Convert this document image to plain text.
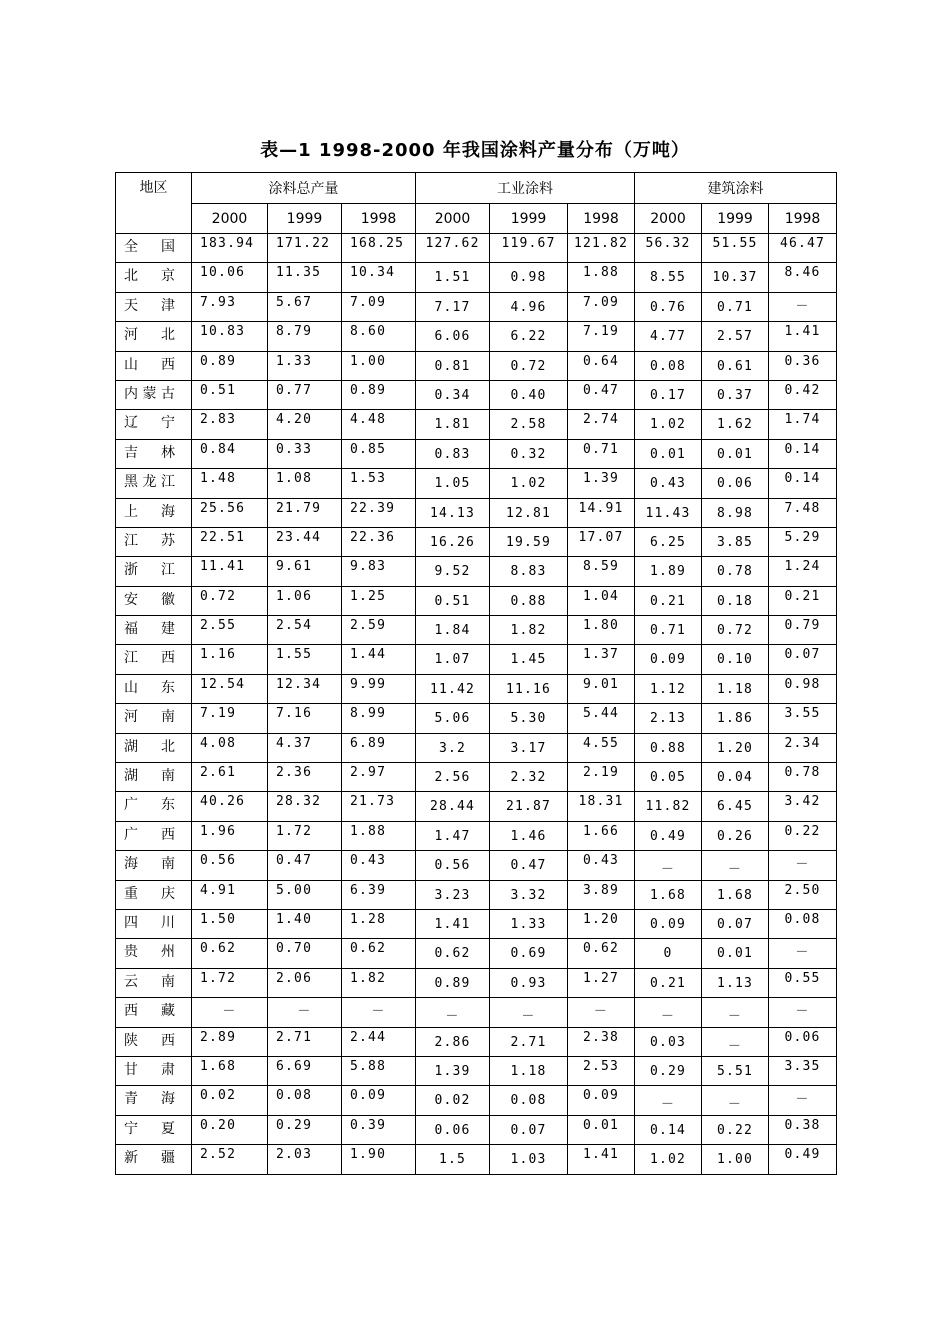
表—1 1998-2000 年我国涂料产量分布（万吨）
地区	涂料总产量			工业涂料			建筑涂料		
	2000	1999	1998	2000	1999	1998	2000	1999	1998
全　国	183.94	171.22	168.25	127.62	119.67	121.82	56.32	51.55	46.47
北　京	10.06	11.35	10.34	1.51	0.98	1.88	8.55	10.37	8.46
天　津	7.93	5.67	7.09	7.17	4.96	7.09	0.76	0.71	－
河　北	10.83	8.79	8.60	6.06	6.22	7.19	4.77	2.57	1.41
山　西	0.89	1.33	1.00	0.81	0.72	0.64	0.08	0.61	0.36
内蒙古	0.51	0.77	0.89	0.34	0.40	0.47	0.17	0.37	0.42
辽　宁	2.83	4.20	4.48	1.81	2.58	2.74	1.02	1.62	1.74
吉　林	0.84	0.33	0.85	0.83	0.32	0.71	0.01	0.01	0.14
黑龙江	1.48	1.08	1.53	1.05	1.02	1.39	0.43	0.06	0.14
上　海	25.56	21.79	22.39	14.13	12.81	14.91	11.43	8.98	7.48
江　苏	22.51	23.44	22.36	16.26	19.59	17.07	6.25	3.85	5.29
浙　江	11.41	9.61	9.83	9.52	8.83	8.59	1.89	0.78	1.24
安　徽	0.72	1.06	1.25	0.51	0.88	1.04	0.21	0.18	0.21
福　建	2.55	2.54	2.59	1.84	1.82	1.80	0.71	0.72	0.79
江　西	1.16	1.55	1.44	1.07	1.45	1.37	0.09	0.10	0.07
山　东	12.54	12.34	9.99	11.42	11.16	9.01	1.12	1.18	0.98
河　南	7.19	7.16	8.99	5.06	5.30	5.44	2.13	1.86	3.55
湖　北	4.08	4.37	6.89	3.2	3.17	4.55	0.88	1.20	2.34
湖　南	2.61	2.36	2.97	2.56	2.32	2.19	0.05	0.04	0.78
广　东	40.26	28.32	21.73	28.44	21.87	18.31	11.82	6.45	3.42
广　西	1.96	1.72	1.88	1.47	1.46	1.66	0.49	0.26	0.22
海　南	0.56	0.47	0.43	0.56	0.47	0.43	－	－	－
重　庆	4.91	5.00	6.39	3.23	3.32	3.89	1.68	1.68	2.50
四　川	1.50	1.40	1.28	1.41	1.33	1.20	0.09	0.07	0.08
贵　州	0.62	0.70	0.62	0.62	0.69	0.62	0	0.01	－
云　南	1.72	2.06	1.82	0.89	0.93	1.27	0.21	1.13	0.55
西　藏	－	－	－	－	－	－	－	－	－
陕　西	2.89	2.71	2.44	2.86	2.71	2.38	0.03	－	0.06
甘　肃	1.68	6.69	5.88	1.39	1.18	2.53	0.29	5.51	3.35
青　海	0.02	0.08	0.09	0.02	0.08	0.09	－	－	－
宁　夏	0.20	0.29	0.39	0.06	0.07	0.01	0.14	0.22	0.38
新　疆	2.52	2.03	1.90	1.5	1.03	1.41	1.02	1.00	0.49
